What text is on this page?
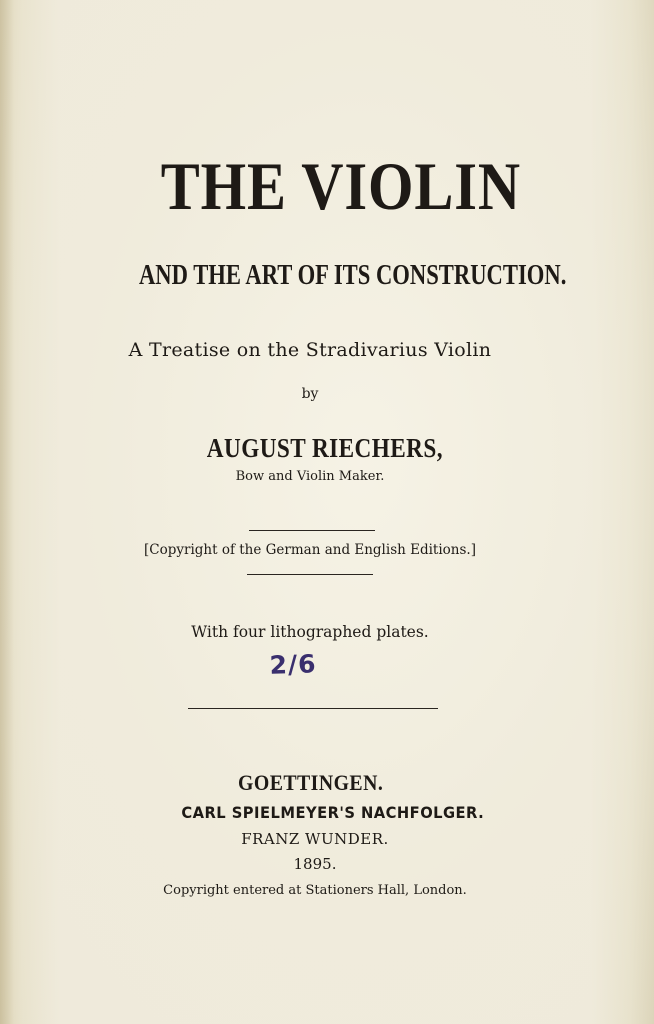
THE VIOLIN
AND THE ART OF ITS CONSTRUCTION.
A Treatise on the Stradivarius Violin
by
AUGUST RIECHERS,
Bow and Violin Maker.
[Copyright of the German and English Editions.]
With four lithographed plates.
2/6
GOETTINGEN.
CARL SPIELMEYER'S NACHFOLGER.
FRANZ WUNDER.
1895.
Copyright entered at Stationers Hall, London.
